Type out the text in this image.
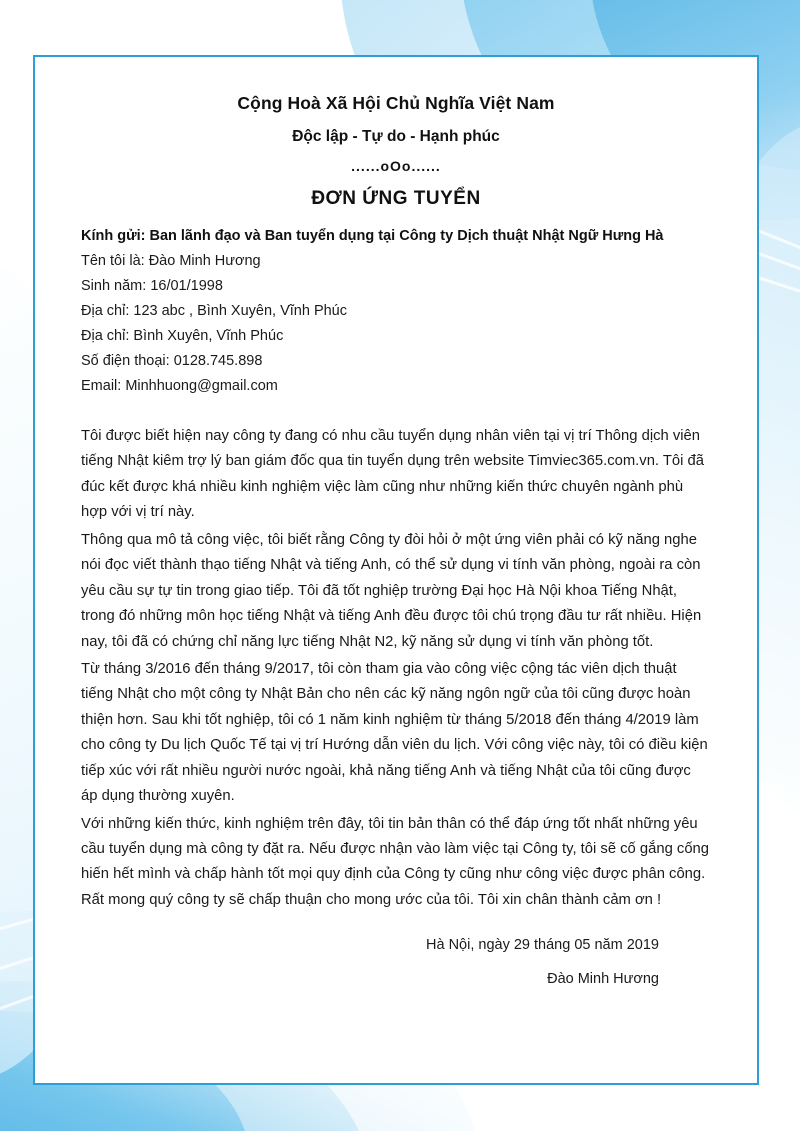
Cộng Hoà Xã Hội Chủ Nghĩa Việt Nam
Độc lập - Tự do - Hạnh phúc
......oOo......
ĐƠN ỨNG TUYỂN
Kính gửi: Ban lãnh đạo và Ban tuyển dụng tại Công ty Dịch thuật Nhật Ngữ Hưng Hà
Tên tôi là: Đào Minh Hương
Sinh năm: 16/01/1998
Địa chỉ: 123 abc , Bình Xuyên, Vĩnh Phúc
Địa chỉ: Bình Xuyên, Vĩnh Phúc
Số điện thoại: 0128.745.898
Email: Minhhuong@gmail.com

Tôi được biết hiện nay công ty đang có nhu cầu tuyển dụng nhân viên tại vị trí Thông dịch viên tiếng Nhật kiêm trợ lý ban giám đốc qua tin tuyển dụng trên website Timviec365.com.vn. Tôi đã đúc kết được khá nhiều kinh nghiệm việc làm cũng như những kiến thức chuyên ngành phù hợp với vị trí này.

Thông qua mô tả công việc, tôi biết rằng Công ty đòi hỏi ở một ứng viên phải có kỹ năng nghe nói đọc viết thành thạo tiếng Nhật và tiếng Anh, có thể sử dụng vi tính văn phòng, ngoài ra còn yêu cầu sự tự tin trong giao tiếp. Tôi đã tốt nghiệp trường Đại học Hà Nội khoa Tiếng Nhật, trong đó những môn học tiếng Nhật và tiếng Anh đều được tôi chú trọng đầu tư rất nhiều. Hiện nay, tôi đã có chứng chỉ năng lực tiếng Nhật N2, kỹ năng sử dụng vi tính văn phòng tốt.

Từ tháng 3/2016 đến tháng 9/2017, tôi còn tham gia vào công việc cộng tác viên dịch thuật tiếng Nhật cho một công ty Nhật Bản cho nên các kỹ năng ngôn ngữ của tôi cũng được hoàn thiện hơn. Sau khi tốt nghiệp, tôi có 1 năm kinh nghiệm từ tháng 5/2018 đến tháng 4/2019 làm cho công ty Du lịch Quốc Tế tại vị trí Hướng dẫn viên du lịch. Với công việc này, tôi có điều kiện tiếp xúc với rất nhiều người nước ngoài, khả năng tiếng Anh và tiếng Nhật của tôi cũng được áp dụng thường xuyên.

Với những kiến thức, kinh nghiệm trên đây, tôi tin bản thân có thể đáp ứng tốt nhất những yêu cầu tuyển dụng mà công ty đặt ra. Nếu được nhận vào làm việc tại Công ty, tôi sẽ cố gắng cống hiến hết mình và chấp hành tốt mọi quy định của Công ty cũng như công việc được phân công. Rất mong quý công ty sẽ chấp thuận cho mong ước của tôi. Tôi xin chân thành cảm ơn !

Hà Nội, ngày 29 tháng 05 năm 2019
Đào Minh Hương
